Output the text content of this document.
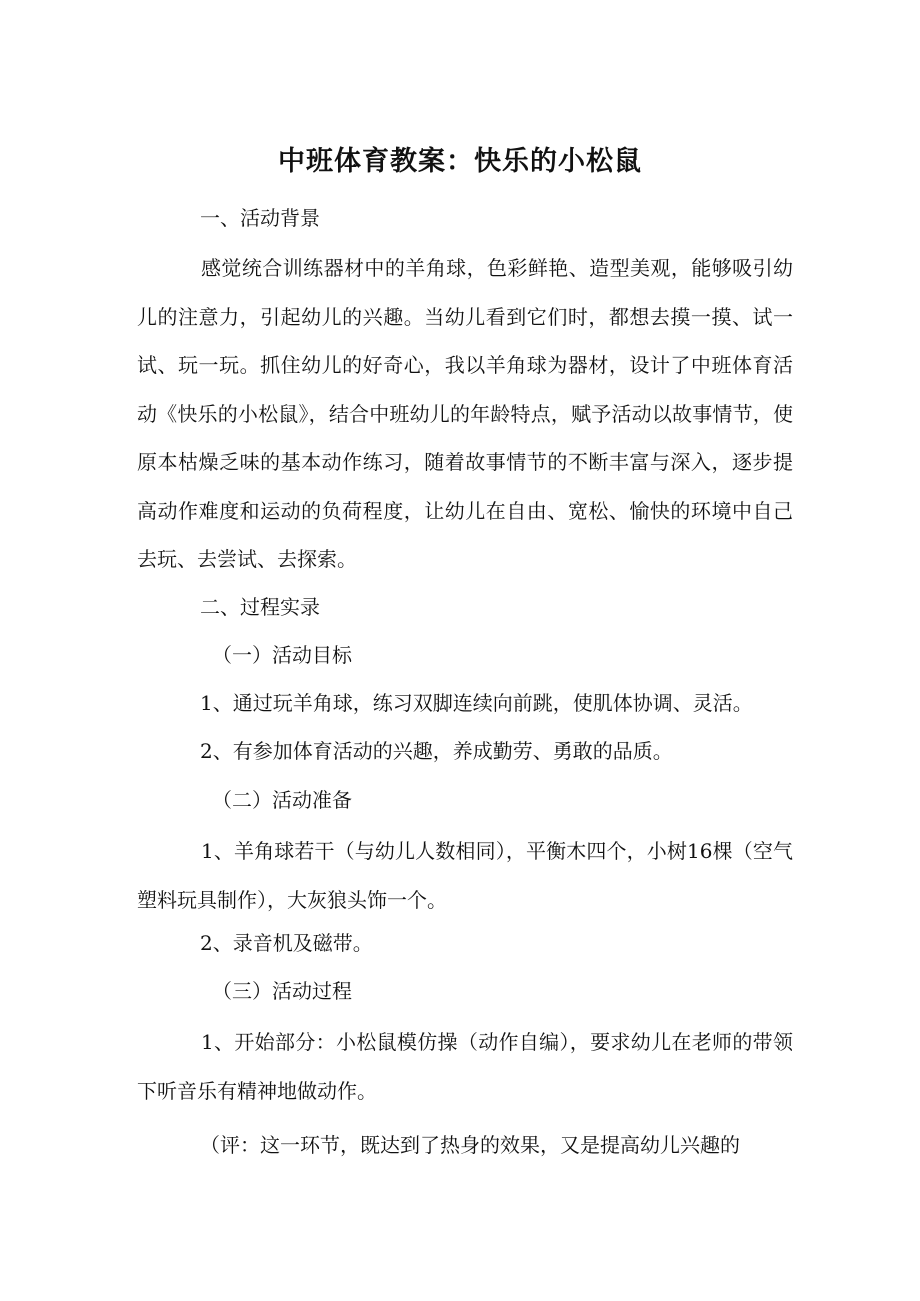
中班体育教案：快乐的小松鼠
一、活动背景
感觉统合训练器材中的羊角球，色彩鲜艳、造型美观，能够吸引幼儿的注意力，引起幼儿的兴趣。当幼儿看到它们时，都想去摸一摸、试一试、玩一玩。抓住幼儿的好奇心，我以羊角球为器材，设计了中班体育活动《快乐的小松鼠》，结合中班幼儿的年龄特点，赋予活动以故事情节，使原本枯燥乏味的基本动作练习，随着故事情节的不断丰富与深入，逐步提高动作难度和运动的负荷程度，让幼儿在自由、宽松、愉快的环境中自己去玩、去尝试、去探索。
二、过程实录
（一）活动目标
1、通过玩羊角球，练习双脚连续向前跳，使肌体协调、灵活。
2、有参加体育活动的兴趣，养成勤劳、勇敢的品质。
（二）活动准备
1、羊角球若干（与幼儿人数相同），平衡木四个，小树16棵（空气塑料玩具制作），大灰狼头饰一个。
2、录音机及磁带。
（三）活动过程
1、开始部分：小松鼠模仿操（动作自编），要求幼儿在老师的带领下听音乐有精神地做动作。
（评：这一环节，既达到了热身的效果，又是提高幼儿兴趣的
